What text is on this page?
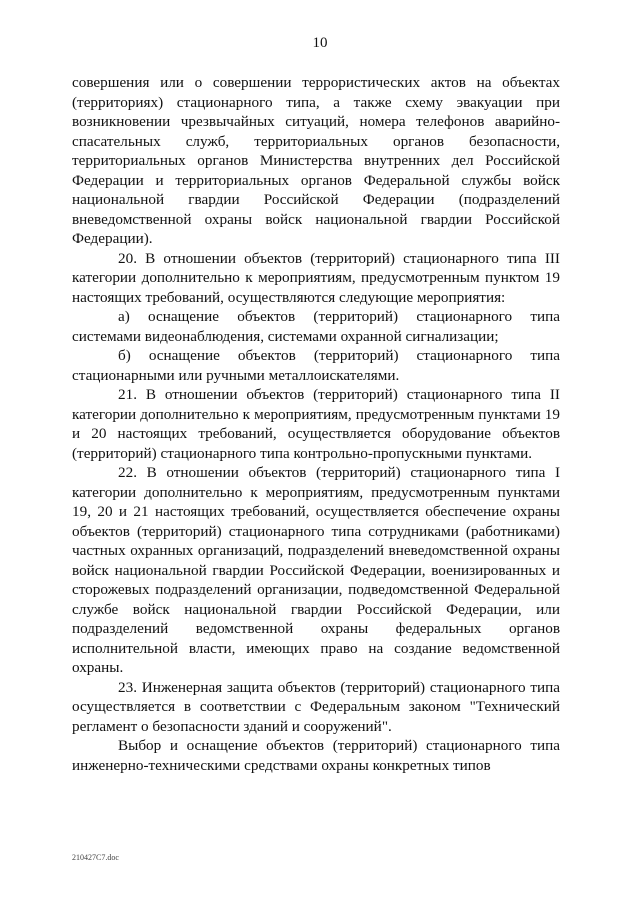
10

совершения или о совершении террористических актов на объектах (территориях) стационарного типа, а также схему эвакуации при возникновении чрезвычайных ситуаций, номера телефонов аварийно-спасательных служб, территориальных органов безопасности, территориальных органов Министерства внутренних дел Российской Федерации и территориальных органов Федеральной службы войск национальной гвардии Российской Федерации (подразделений вневедомственной охраны войск национальной гвардии Российской Федерации).

20. В отношении объектов (территорий) стационарного типа III категории дополнительно к мероприятиям, предусмотренным пунктом 19 настоящих требований, осуществляются следующие мероприятия:

а) оснащение объектов (территорий) стационарного типа системами видеонаблюдения, системами охранной сигнализации;

б) оснащение объектов (территорий) стационарного типа стационарными или ручными металлоискателями.

21. В отношении объектов (территорий) стационарного типа II категории дополнительно к мероприятиям, предусмотренным пунктами 19 и 20 настоящих требований, осуществляется оборудование объектов (территорий) стационарного типа контрольно-пропускными пунктами.

22. В отношении объектов (территорий) стационарного типа I категории дополнительно к мероприятиям, предусмотренным пунктами 19, 20 и 21 настоящих требований, осуществляется обеспечение охраны объектов (территорий) стационарного типа сотрудниками (работниками) частных охранных организаций, подразделений вневедомственной охраны войск национальной гвардии Российской Федерации, военизированных и сторожевых подразделений организации, подведомственной Федеральной службе войск национальной гвардии Российской Федерации, или подразделений ведомственной охраны федеральных органов исполнительной власти, имеющих право на создание ведомственной охраны.

23. Инженерная защита объектов (территорий) стационарного типа осуществляется в соответствии с Федеральным законом "Технический регламент о безопасности зданий и сооружений".

Выбор и оснащение объектов (территорий) стационарного типа инженерно-техническими средствами охраны конкретных типов

210427C7.doc
